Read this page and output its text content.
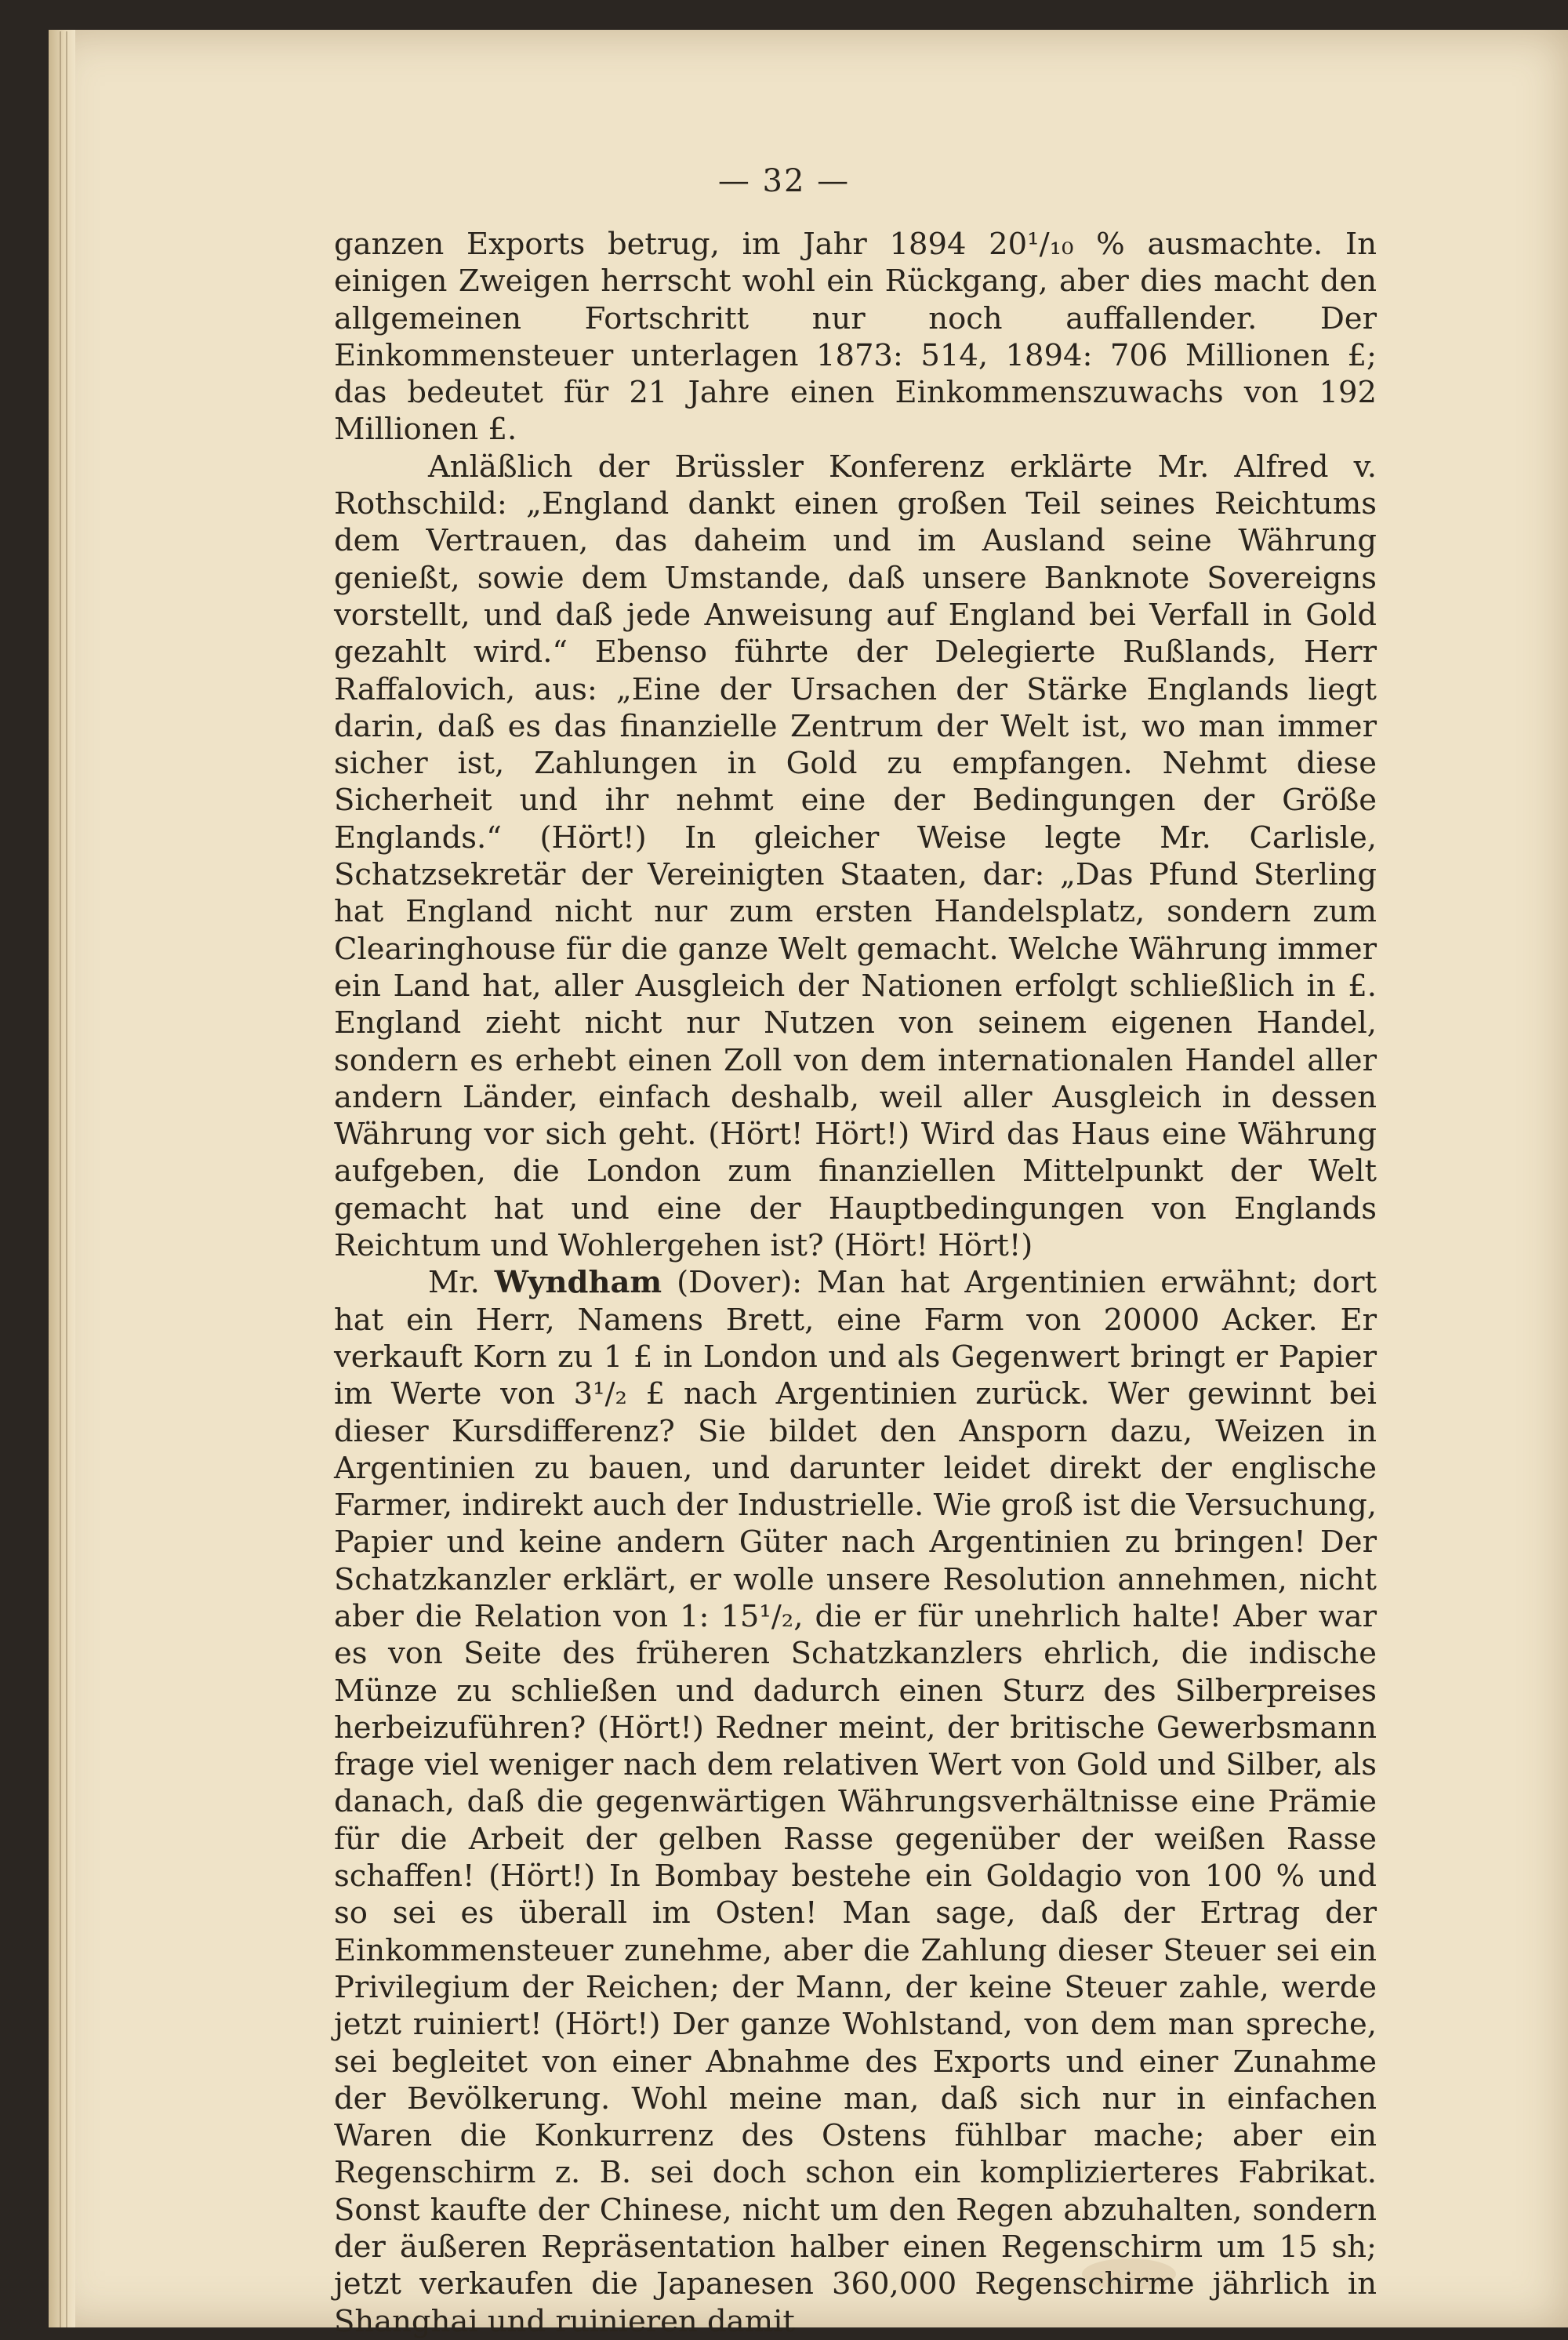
— 32 —

ganzen Exports betrug, im Jahr 1894 20¹/₁₀ % ausmachte. In einigen Zweigen herrscht wohl ein Rückgang, aber dies macht den allgemeinen Fortschritt nur noch auffallender. Der Einkommensteuer unterlagen 1873: 514, 1894: 706 Millionen £; das bedeutet für 21 Jahre einen Einkommenszuwachs von 192 Millionen £.

Anläßlich der Brüssler Konferenz erklärte Mr. Alfred v. Rothschild: „England dankt einen großen Teil seines Reichtums dem Vertrauen, das daheim und im Ausland seine Währung genießt, sowie dem Umstande, daß unsere Banknote Sovereigns vorstellt, und daß jede Anweisung auf England bei Verfall in Gold gezahlt wird.“ Ebenso führte der Delegierte Rußlands, Herr Raffalovich, aus: „Eine der Ursachen der Stärke Englands liegt darin, daß es das finanzielle Zentrum der Welt ist, wo man immer sicher ist, Zahlungen in Gold zu empfangen. Nehmt diese Sicherheit und ihr nehmt eine der Bedingungen der Größe Englands.“ (Hört!) In gleicher Weise legte Mr. Carlisle, Schatzsekretär der Vereinigten Staaten, dar: „Das Pfund Sterling hat England nicht nur zum ersten Handelsplatz, sondern zum Clearinghouse für die ganze Welt gemacht. Welche Währung immer ein Land hat, aller Ausgleich der Nationen erfolgt schließlich in £. England zieht nicht nur Nutzen von seinem eigenen Handel, sondern es erhebt einen Zoll von dem internationalen Handel aller andern Länder, einfach deshalb, weil aller Ausgleich in dessen Währung vor sich geht. (Hört! Hört!) Wird das Haus eine Währung aufgeben, die London zum finanziellen Mittelpunkt der Welt gemacht hat und eine der Hauptbedingungen von Englands Reichtum und Wohlergehen ist? (Hört! Hört!)

Mr. Wyndham (Dover): Man hat Argentinien erwähnt; dort hat ein Herr, Namens Brett, eine Farm von 20000 Acker. Er verkauft Korn zu 1 £ in London und als Gegenwert bringt er Papier im Werte von 3¹/₂ £ nach Argentinien zurück. Wer gewinnt bei dieser Kursdifferenz? Sie bildet den Ansporn dazu, Weizen in Argentinien zu bauen, und darunter leidet direkt der englische Farmer, indirekt auch der Industrielle. Wie groß ist die Versuchung, Papier und keine andern Güter nach Argentinien zu bringen! Der Schatzkanzler erklärt, er wolle unsere Resolution annehmen, nicht aber die Relation von 1: 15¹/₂, die er für unehrlich halte! Aber war es von Seite des früheren Schatzkanzlers ehrlich, die indische Münze zu schließen und dadurch einen Sturz des Silberpreises herbeizuführen? (Hört!) Redner meint, der britische Gewerbsmann frage viel weniger nach dem relativen Wert von Gold und Silber, als danach, daß die gegenwärtigen Währungsverhältnisse eine Prämie für die Arbeit der gelben Rasse gegenüber der weißen Rasse schaffen! (Hört!) In Bombay bestehe ein Goldagio von 100 % und so sei es überall im Osten! Man sage, daß der Ertrag der Einkommensteuer zunehme, aber die Zahlung dieser Steuer sei ein Privilegium der Reichen; der Mann, der keine Steuer zahle, werde jetzt ruiniert! (Hört!) Der ganze Wohlstand, von dem man spreche, sei begleitet von einer Abnahme des Exports und einer Zunahme der Bevölkerung. Wohl meine man, daß sich nur in einfachen Waren die Konkurrenz des Ostens fühlbar mache; aber ein Regenschirm z. B. sei doch schon ein komplizierteres Fabrikat. Sonst kaufte der Chinese, nicht um den Regen abzuhalten, sondern der äußeren Repräsentation halber einen Regenschirm um 15 sh; jetzt verkaufen die Japanesen 360,000 Regenschirme jährlich in Shanghai und ruinieren damit
